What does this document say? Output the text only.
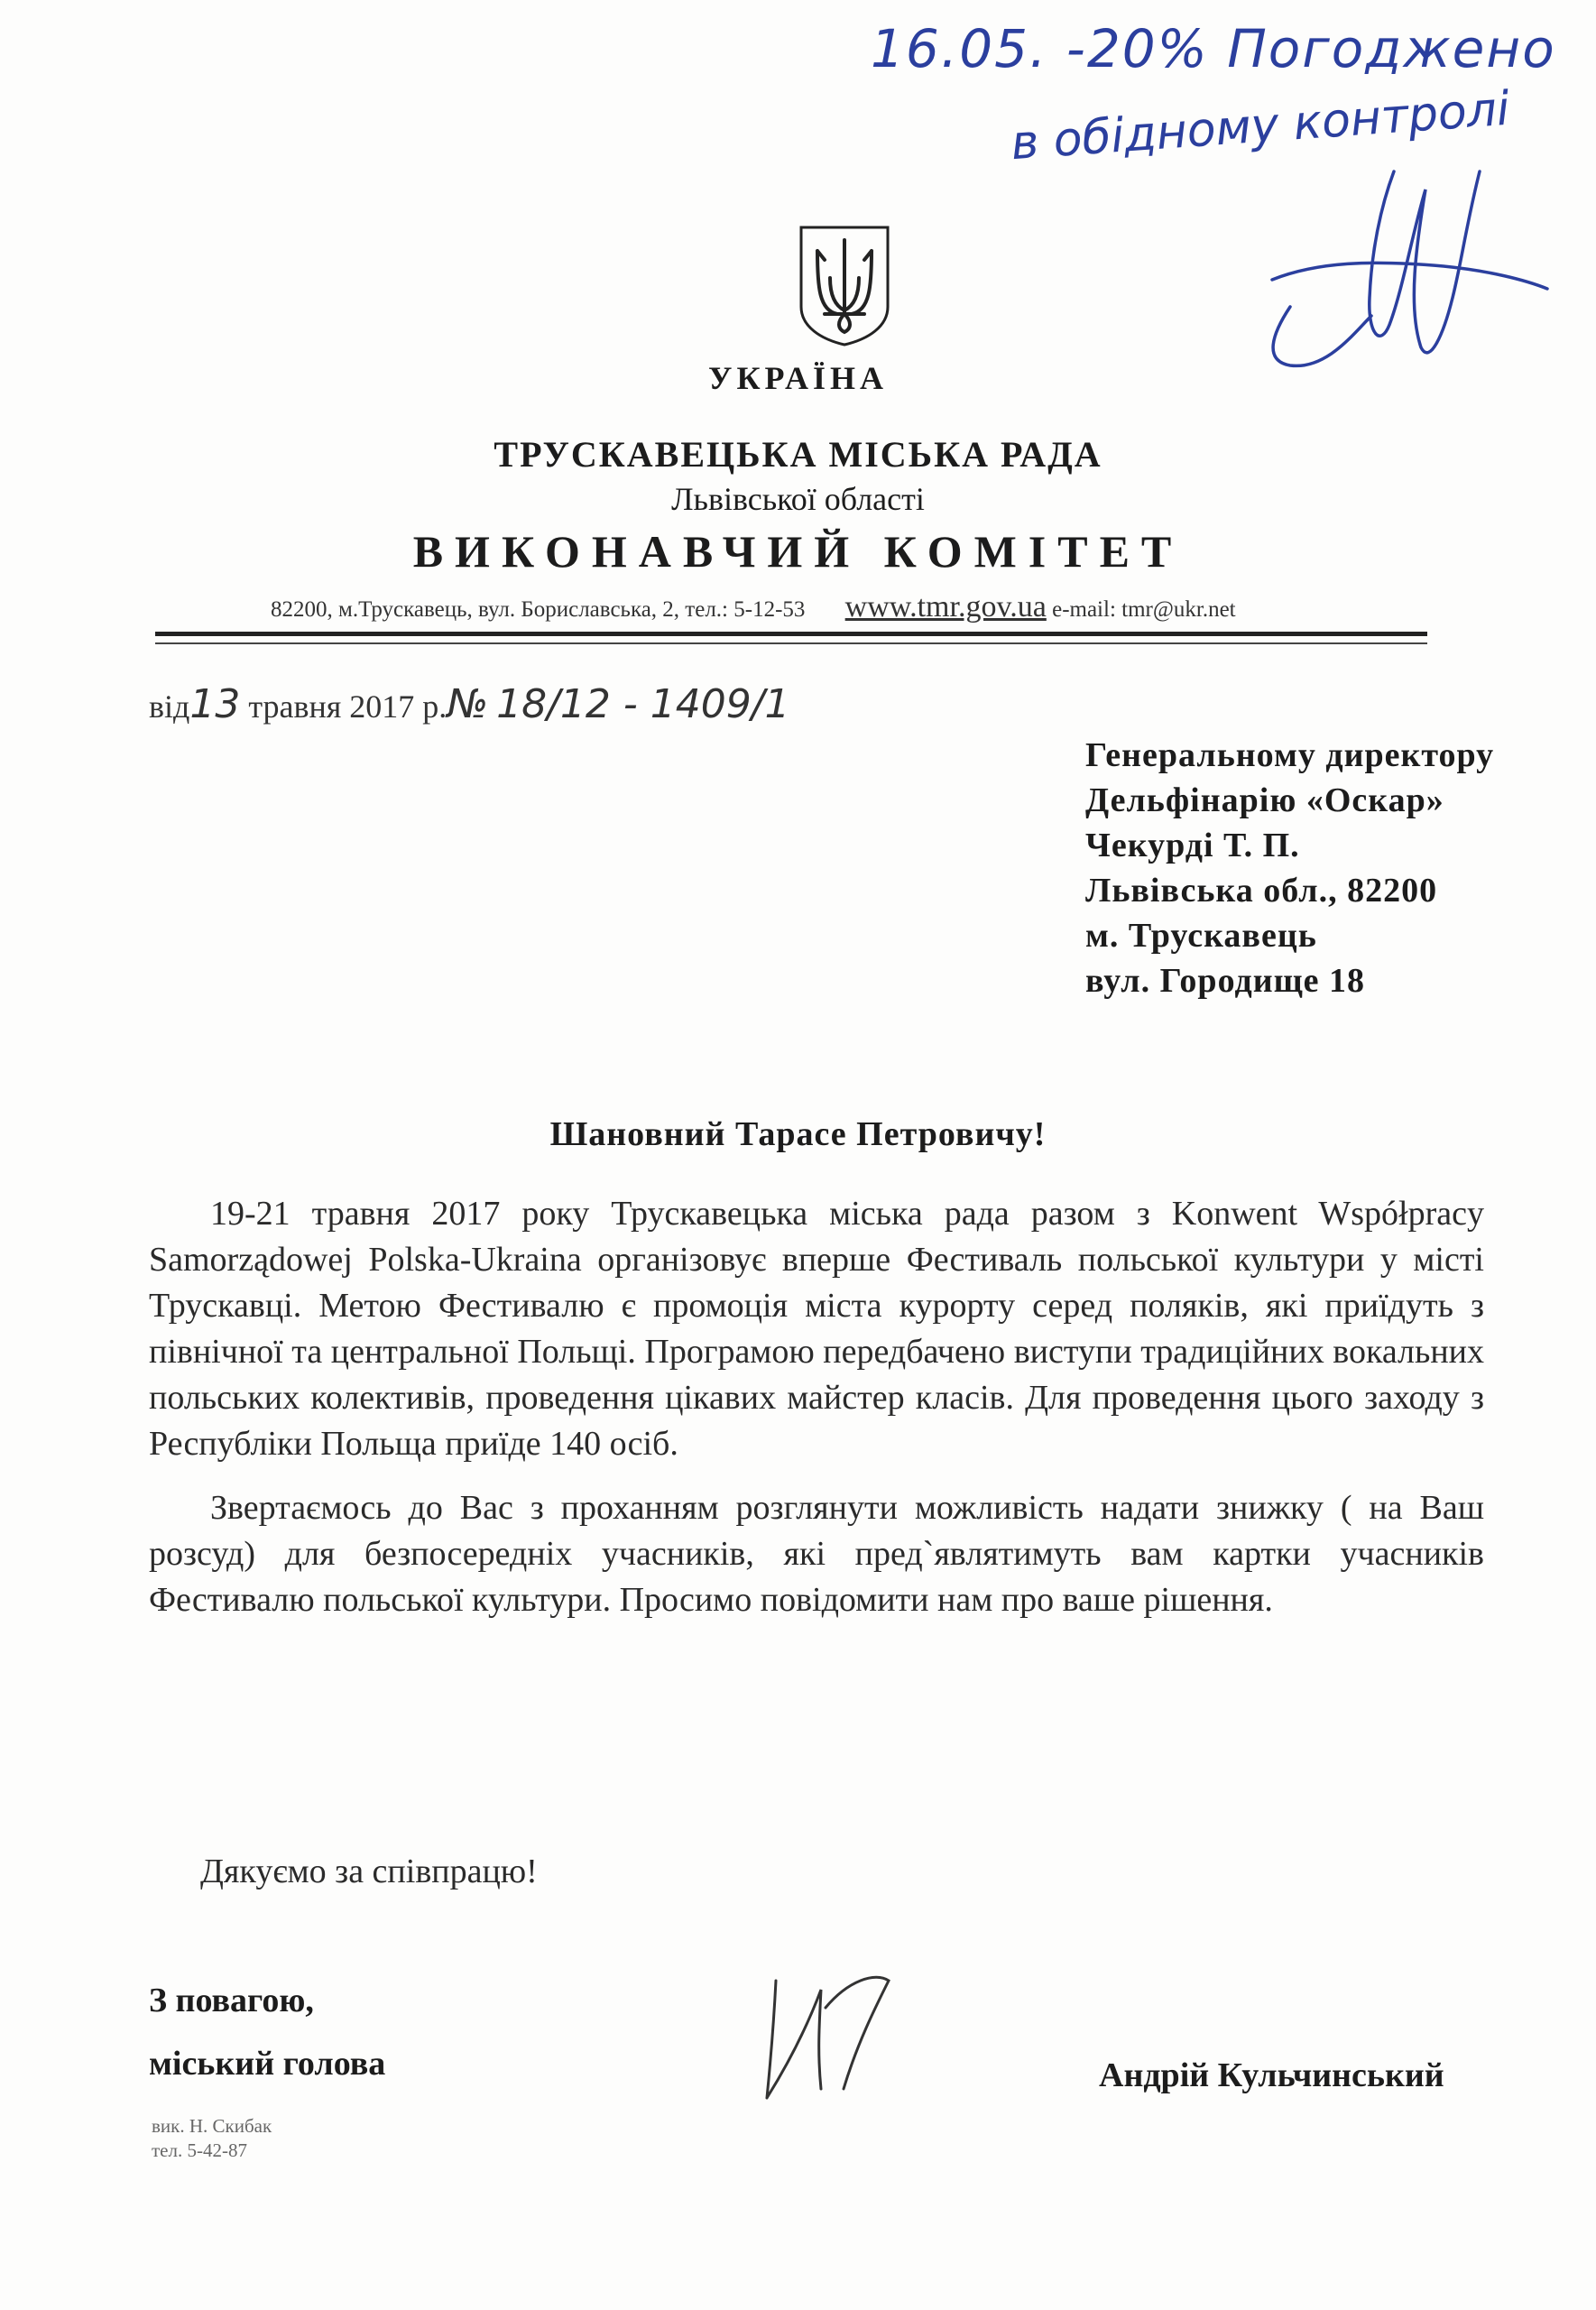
16.05. -20% Погоджено
в обідному контролі
УКРАЇНА
ТРУСКАВЕЦЬКА МІСЬКА РАДА
Львівської області
ВИКОНАВЧИЙ КОМІТЕТ
82200, м.Трускавець, вул. Бориславська, 2, тел.: 5-12-53 www.tmr.gov.ua e-mail: tmr@ukr.net
від13 травня 2017 р.№ 18/12 - 1409/1
Генеральному директору
Дельфінарію «Оскар»
Чекурді Т. П.
Львівська обл., 82200
м. Трускавець
вул. Городище 18
Шановний Тарасе Петровичу!

19-21 травня 2017 року Трускавецька міська рада разом з Konwent Współpracy Samorządowej Polska-Ukraina організовує вперше Фестиваль польської культури у місті Трускавці. Метою Фестивалю є промоція міста курорту серед поляків, які приїдуть з північної та центральної Польщі. Програмою передбачено виступи традиційних вокальних польських колективів, проведення цікавих майстер класів. Для проведення цього заходу з Республіки Польща приїде 140 осіб.

Звертаємось до Вас з проханням розглянути можливість надати знижку ( на Ваш розсуд) для безпосередніх учасників, які пред`являтимуть вам картки учасників Фестивалю польської культури. Просимо повідомити нам про ваше рішення.

Дякуємо за співпрацю!
З повагою,
міський голова	Андрій Кульчинський
вик. Н. Скибак
тел. 5-42-87
